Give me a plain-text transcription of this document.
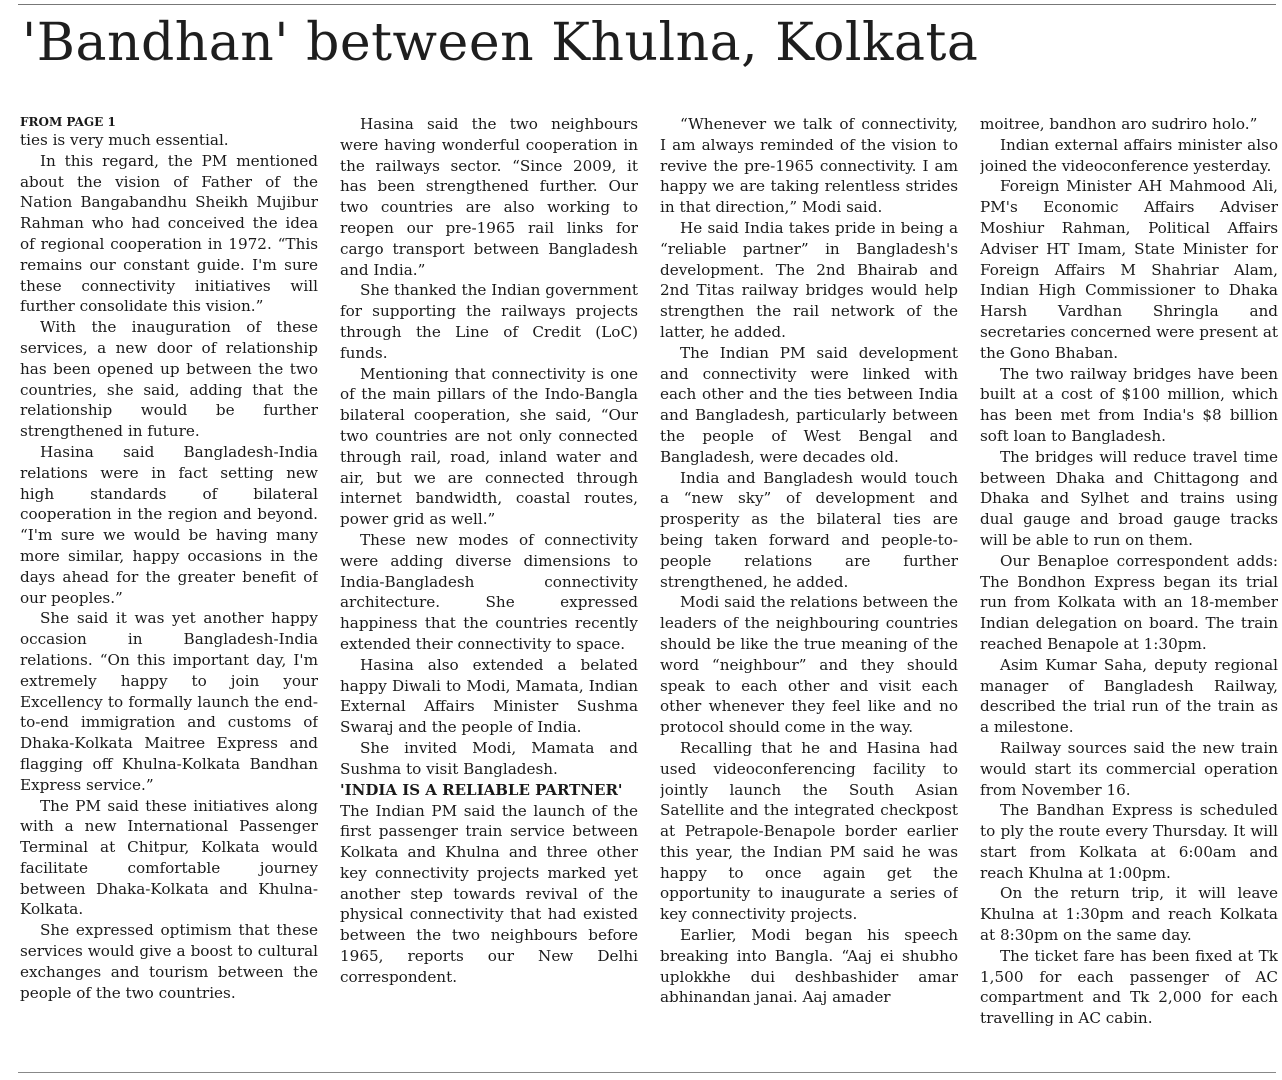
'Bandhan' between Khulna, Kolkata
FROM PAGE 1

ties is very much essential.

In this regard, the PM mentioned about the vision of Father of the Nation Bangabandhu Sheikh Mujibur Rahman who had conceived the idea of regional cooperation in 1972. “This remains our constant guide. I'm sure these connectivity initiatives will further consolidate this vision.”

With the inauguration of these services, a new door of relationship has been opened up between the two countries, she said, adding that the relationship would be further strengthened in future.

Hasina said Bangladesh-India relations were in fact setting new high standards of bilateral cooperation in the region and beyond. “I'm sure we would be having many more similar, happy occasions in the days ahead for the greater benefit of our peoples.”

She said it was yet another happy occasion in Bangladesh-India relations. “On this important day, I'm extremely happy to join your Excellency to formally launch the end-to-end immigration and customs of Dhaka-Kolkata Maitree Express and flagging off Khulna-Kolkata Bandhan Express service.”

The PM said these initiatives along with a new International Passenger Terminal at Chitpur, Kolkata would facilitate comfortable journey between Dhaka-Kolkata and Khulna-Kolkata.

She expressed optimism that these services would give a boost to cultural exchanges and tourism between the people of the two countries.

Hasina said the two neighbours were having wonderful cooperation in the railways sector. “Since 2009, it has been strengthened further. Our two countries are also working to reopen our pre-1965 rail links for cargo transport between Bangladesh and India.”

She thanked the Indian government for supporting the railways projects through the Line of Credit (LoC) funds.

Mentioning that connectivity is one of the main pillars of the Indo-Bangla bilateral cooperation, she said, “Our two countries are not only connected through rail, road, inland water and air, but we are connected through internet bandwidth, coastal routes, power grid as well.”

These new modes of connectivity were adding diverse dimensions to India-Bangladesh connectivity architecture. She expressed happiness that the countries recently extended their connectivity to space.

Hasina also extended a belated happy Diwali to Modi, Mamata, Indian External Affairs Minister Sushma Swaraj and the people of India.

She invited Modi, Mamata and Sushma to visit Bangladesh.

'INDIA IS A RELIABLE PARTNER'

The Indian PM said the launch of the first passenger train service between Kolkata and Khulna and three other key connectivity projects marked yet another step towards revival of the physical connectivity that had existed between the two neighbours before 1965, reports our New Delhi correspondent.

“Whenever we talk of connectivity, I am always reminded of the vision to revive the pre-1965 connectivity. I am happy we are taking relentless strides in that direction,” Modi said.

He said India takes pride in being a “reliable partner” in Bangladesh's development. The 2nd Bhairab and 2nd Titas railway bridges would help strengthen the rail network of the latter, he added.

The Indian PM said development and connectivity were linked with each other and the ties between India and Bangladesh, particularly between the people of West Bengal and Bangladesh, were decades old.

India and Bangladesh would touch a “new sky” of development and prosperity as the bilateral ties are being taken forward and people-to-people relations are further strengthened, he added.

Modi said the relations between the leaders of the neighbouring countries should be like the true meaning of the word “neighbour” and they should speak to each other and visit each other whenever they feel like and no protocol should come in the way.

Recalling that he and Hasina had used videoconferencing facility to jointly launch the South Asian Satellite and the integrated checkpost at Petrapole-Benapole border earlier this year, the Indian PM said he was happy to once again get the opportunity to inaugurate a series of key connectivity projects.

Earlier, Modi began his speech breaking into Bangla. “Aaj ei shubho uplokkhe dui deshbashider amar abhinandan janai. Aaj amader

moitree, bandhon aro sudriro holo.”

Indian external affairs minister also joined the videoconference yesterday.

Foreign Minister AH Mahmood Ali, PM's Economic Affairs Adviser Moshiur Rahman, Political Affairs Adviser HT Imam, State Minister for Foreign Affairs M Shahriar Alam, Indian High Commissioner to Dhaka Harsh Vardhan Shringla and secretaries concerned were present at the Gono Bhaban.

The two railway bridges have been built at a cost of $100 million, which has been met from India's $8 billion soft loan to Bangladesh.

The bridges will reduce travel time between Dhaka and Chittagong and Dhaka and Sylhet and trains using dual gauge and broad gauge tracks will be able to run on them.

Our Benaploe correspondent adds: The Bondhon Express began its trial run from Kolkata with an 18-member Indian delegation on board. The train reached Benapole at 1:30pm.

Asim Kumar Saha, deputy regional manager of Bangladesh Railway, described the trial run of the train as a milestone.

Railway sources said the new train would start its commercial operation from November 16.

The Bandhan Express is scheduled to ply the route every Thursday. It will start from Kolkata at 6:00am and reach Khulna at 1:00pm.

On the return trip, it will leave Khulna at 1:30pm and reach Kolkata at 8:30pm on the same day.

The ticket fare has been fixed at Tk 1,500 for each passenger of AC compartment and Tk 2,000 for each travelling in AC cabin.
